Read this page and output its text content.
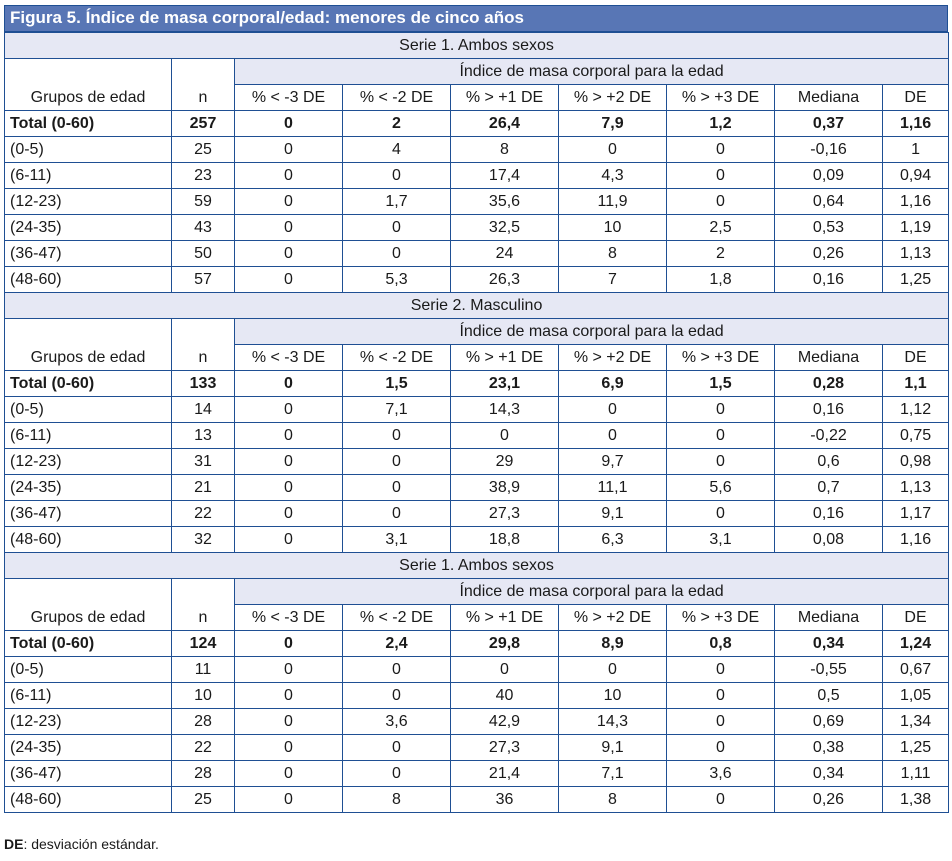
Figura 5. Índice de masa corporal/edad: menores de cinco años
Serie 1. Ambos sexos								
Grupos de edad	n	Índice de masa corporal para la edad						
		% < -3 DE	% < -2 DE	% > +1 DE	% > +2 DE	% > +3 DE	Mediana	DE
Total (0-60)	257	0	2	26,4	7,9	1,2	0,37	1,16
(0-5)	25	0	4	8	0	0	-0,16	1
(6-11)	23	0	0	17,4	4,3	0	0,09	0,94
(12-23)	59	0	1,7	35,6	11,9	0	0,64	1,16
(24-35)	43	0	0	32,5	10	2,5	0,53	1,19
(36-47)	50	0	0	24	8	2	0,26	1,13
(48-60)	57	0	5,3	26,3	7	1,8	0,16	1,25
Serie 2. Masculino								
Grupos de edad	n	Índice de masa corporal para la edad						
		% < -3 DE	% < -2 DE	% > +1 DE	% > +2 DE	% > +3 DE	Mediana	DE
Total (0-60)	133	0	1,5	23,1	6,9	1,5	0,28	1,1
(0-5)	14	0	7,1	14,3	0	0	0,16	1,12
(6-11)	13	0	0	0	0	0	-0,22	0,75
(12-23)	31	0	0	29	9,7	0	0,6	0,98
(24-35)	21	0	0	38,9	11,1	5,6	0,7	1,13
(36-47)	22	0	0	27,3	9,1	0	0,16	1,17
(48-60)	32	0	3,1	18,8	6,3	3,1	0,08	1,16
Serie 1. Ambos sexos								
Grupos de edad	n	Índice de masa corporal para la edad						
		% < -3 DE	% < -2 DE	% > +1 DE	% > +2 DE	% > +3 DE	Mediana	DE
Total (0-60)	124	0	2,4	29,8	8,9	0,8	0,34	1,24
(0-5)	11	0	0	0	0	0	-0,55	0,67
(6-11)	10	0	0	40	10	0	0,5	1,05
(12-23)	28	0	3,6	42,9	14,3	0	0,69	1,34
(24-35)	22	0	0	27,3	9,1	0	0,38	1,25
(36-47)	28	0	0	21,4	7,1	3,6	0,34	1,11
(48-60)	25	0	8	36	8	0	0,26	1,38
DE: desviación estándar.
